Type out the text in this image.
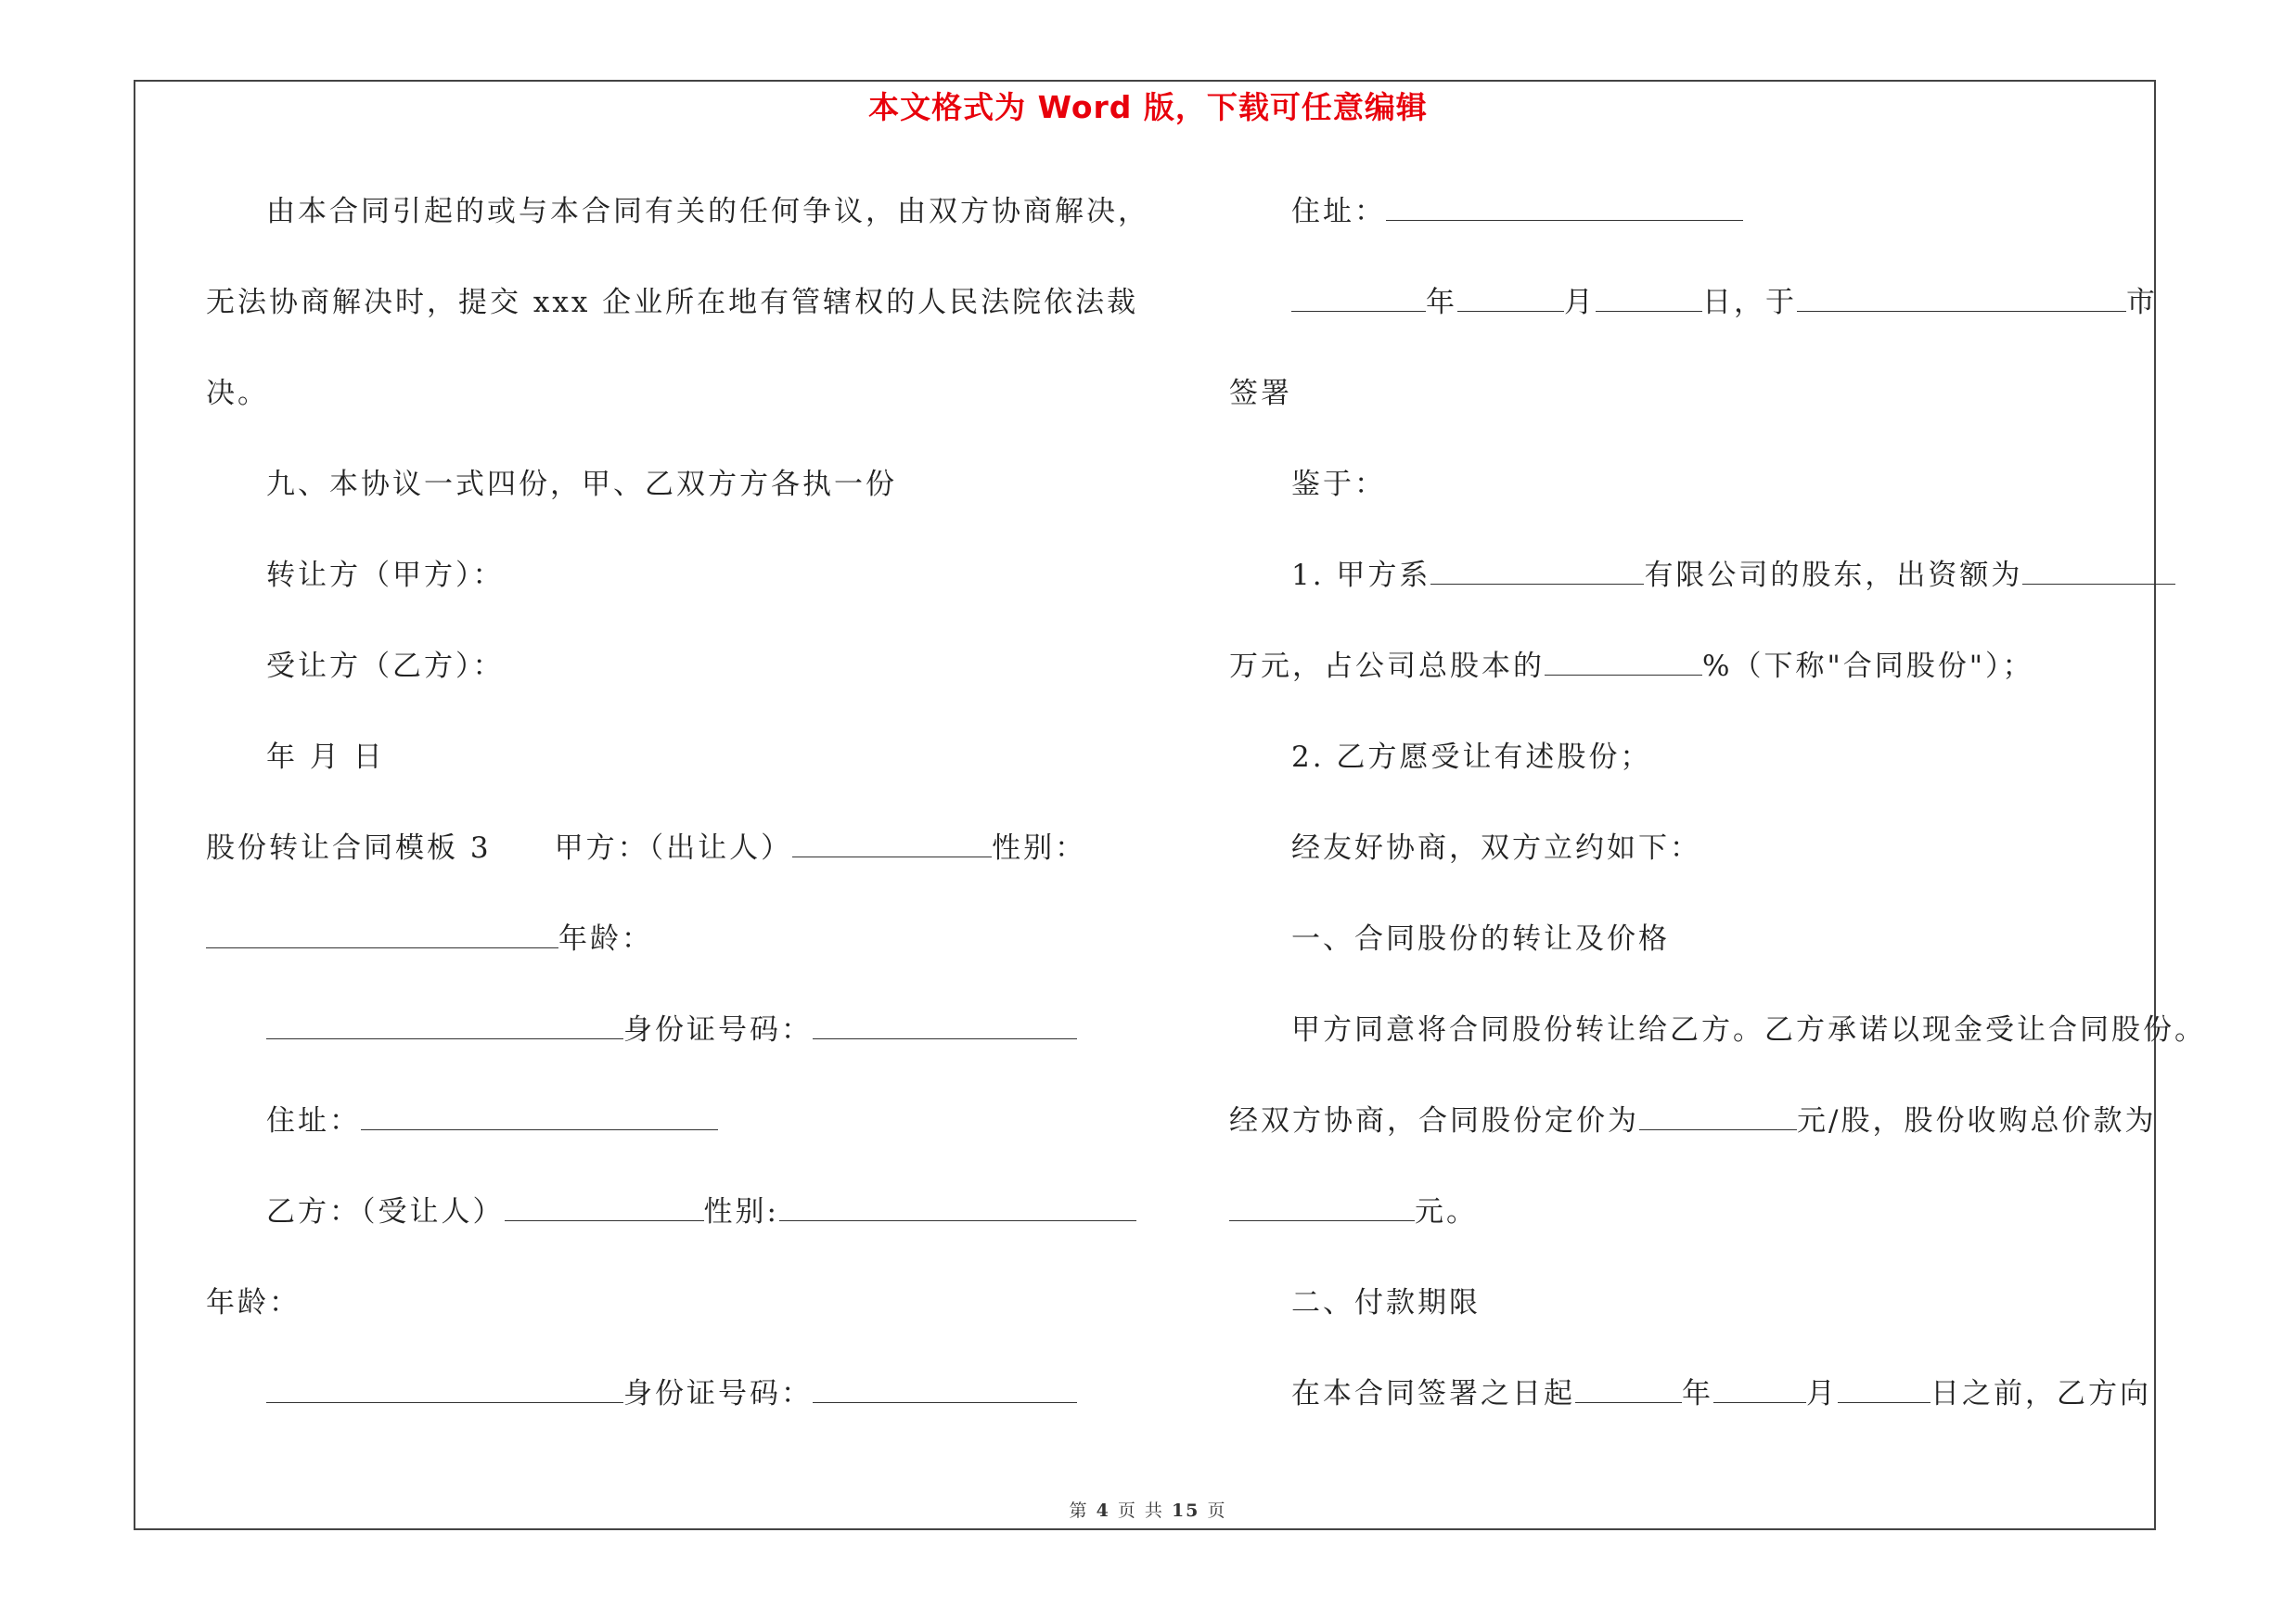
本文格式为 Word 版，下载可任意编辑
由本合同引起的或与本合同有关的任何争议，由双方协商解决，
无法协商解决时，提交 xxx 企业所在地有管辖权的人民法院依法裁
决。
九、本协议一式四份，甲、乙双方方各执一份
转让方（甲方）：
受让方（乙方）：
年 月 日
股份转让合同模板 3　　甲方：（出让人）	性别：
年龄：
身份证号码：
住址：
乙方：（受让人）	性别:
年龄：
身份证号码：
住址：
年	月	日，于	市
签署
鉴于：
1. 甲方系	有限公司的股东，出资额为
万元，占公司总股本的	%（下称"合同股份"）；
2. 乙方愿受让有述股份；
经友好协商，双方立约如下：
一、合同股份的转让及价格
甲方同意将合同股份转让给乙方。乙方承诺以现金受让合同股份。
经双方协商，合同股份定价为	元/股，股份收购总价款为
元。
二、付款期限
在本合同签署之日起	年	月	日之前，乙方向
第 4 页 共 15 页
